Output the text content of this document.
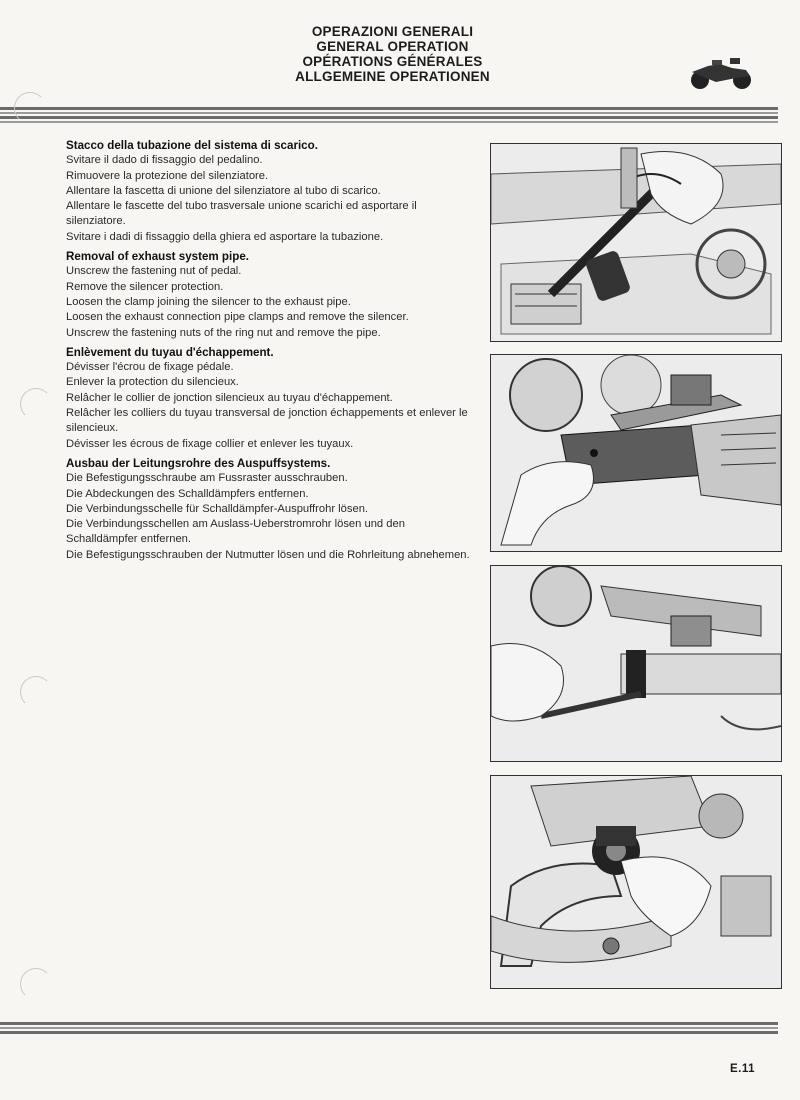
OPERAZIONI GENERALI
GENERAL OPERATION
OPÉRATIONS GÉNÉRALES
ALLGEMEINE OPERATIONEN
Stacco della tubazione del sistema di scarico.
Svitare il dado di fissaggio del pedalino.
Rimuovere la protezione del silenziatore.
Allentare la fascetta di unione del silenziatore al tubo di scarico.
Allentare le fascette del tubo trasversale unione scarichi ed asportare il silenziatore.
Svitare i dadi di fissaggio della ghiera ed asportare la tubazione.
Removal of exhaust system pipe.
Unscrew the fastening nut of pedal.
Remove the silencer protection.
Loosen the clamp joining the silencer to the exhaust pipe.
Loosen the exhaust connection pipe clamps and remove the silencer.
Unscrew the fastening nuts of the ring nut and remove the pipe.
Enlèvement du tuyau d'échappement.
Dévisser l'écrou de fixage pédale.
Enlever la protection du silencieux.
Relâcher le collier de jonction silencieux au tuyau d'échappement.
Relâcher les colliers du tuyau transversal de jonction échappements et enlever le silencieux.
Dévisser les écrous de fixage collier et enlever les tuyaux.
Ausbau der Leitungsrohre des Auspuffsystems.
Die Befestigungsschraube am Fussraster ausschrauben.
Die Abdeckungen des Schalldämpfers entfernen.
Die Verbindungsschelle für Schalldämpfer-Auspuffrohr lösen.
Die Verbindungsschellen am Auslass-Ueberstromrohr lösen und den Schalldämpfer entfernen.
Die Befestigungsschrauben der Nutmutter lösen und die Rohrleitung abnehemen.
E.11
